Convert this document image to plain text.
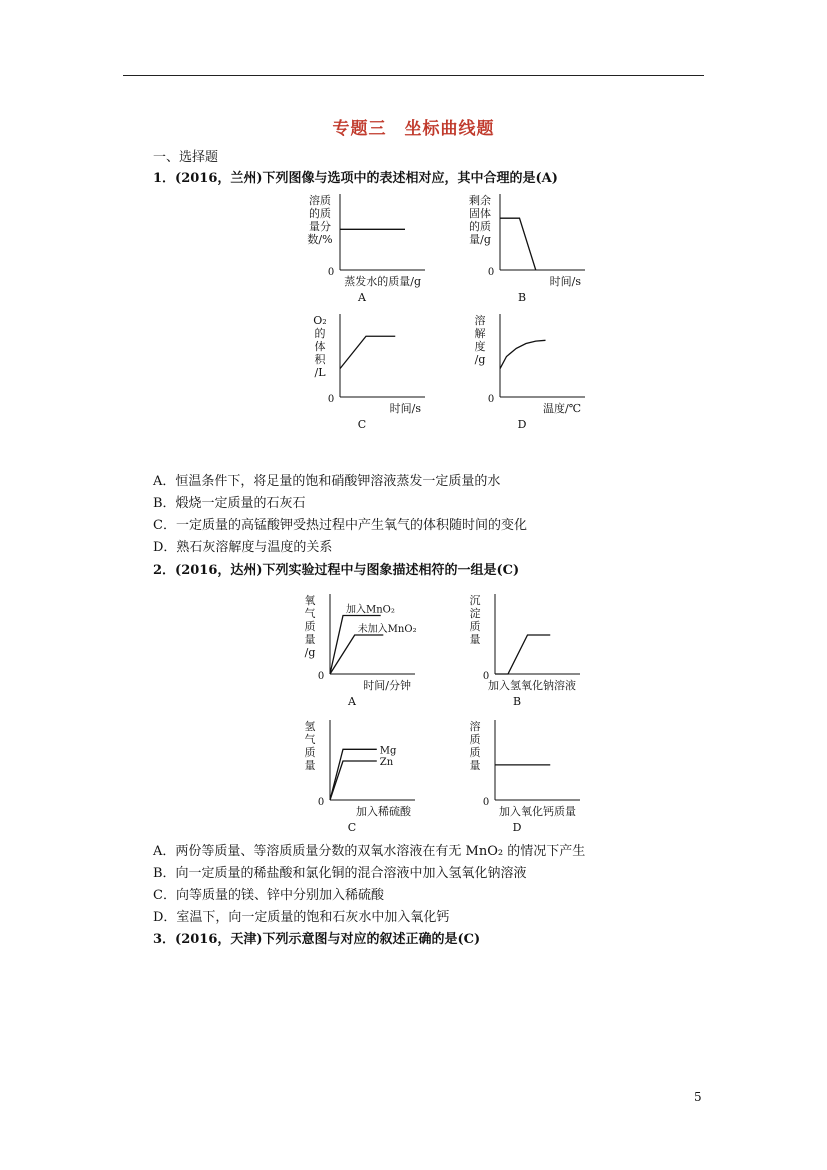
专题三　坐标曲线题
一、选择题
1．(2016，兰州)下列图像与选项中的表述相对应，其中合理的是(A)
溶质
的质
量分
数/%
0
蒸发水的质量/g
A
剩余
固体
的质
量/g
0
时间/s
B
O₂
的
体
积
/L
0
时间/s
C
溶
解
度
/g
0
温度/℃
D
A．恒温条件下，将足量的饱和硝酸钾溶液蒸发一定质量的水
B．煅烧一定质量的石灰石
C．一定质量的高锰酸钾受热过程中产生氧气的体积随时间的变化
D．熟石灰溶解度与温度的关系
2．(2016，达州)下列实验过程中与图象描述相符的一组是(C)
氧
气
质
量
/g
0
时间/分钟
A
加入MnO₂
未加入MnO₂
沉
淀
质
量
0
加入氢氧化钠溶液
B
氢
气
质
量
0
加入稀硫酸
C
Mg
Zn
溶
质
质
量
0
加入氧化钙质量
D
A．两份等质量、等溶质质量分数的双氧水溶液在有无 MnO₂ 的情况下产生
B．向一定质量的稀盐酸和氯化铜的混合溶液中加入氢氧化钠溶液
C．向等质量的镁、锌中分别加入稀硫酸
D．室温下，向一定质量的饱和石灰水中加入氧化钙
3．(2016，天津)下列示意图与对应的叙述正确的是(C)
5
